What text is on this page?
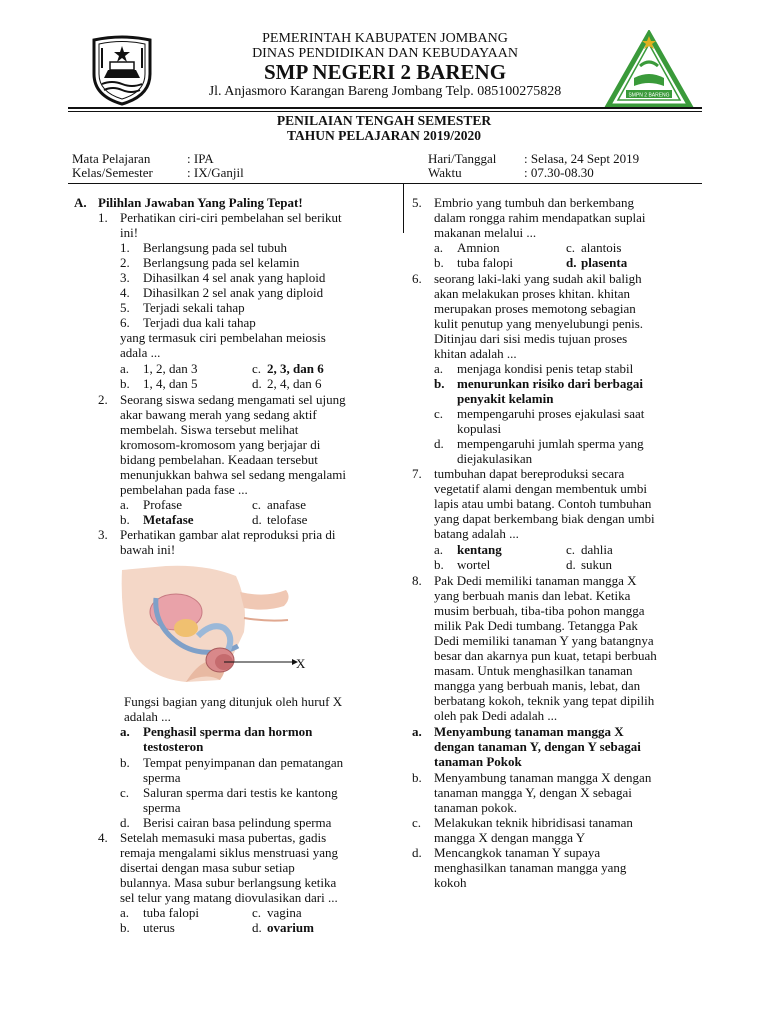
PEMERINTAH KABUPATEN JOMBANG
DINAS PENDIDIKAN DAN KEBUDAYAAN
SMP NEGERI 2 BARENG
Jl. Anjasmoro Karangan Bareng Jombang Telp. 085100275828	SMPN 2 BARENG
PENILAIAN TENGAH SEMESTER
TAHUN PELAJARAN 2019/2020
Mata Pelajaran	: IPA
Kelas/Semester	: IX/Ganjil
Hari/Tanggal : Selasa, 24 Sept 2019
Waktu	: 07.30-08.30
A. Pilihlan Jawaban Yang Paling Tepat!
1. Perhatikan ciri-ciri pembelahan sel berikut
ini!
1. Berlangsung pada sel tubuh
2. Berlangsung pada sel kelamin
3. Dihasilkan 4 sel anak yang haploid
4. Dihasilkan 2 sel anak yang diploid
5. Terjadi sekali tahap
6. Terjadi dua kali tahap
yang termasuk ciri pembelahan meiosis
adala ...
a. 1, 2, dan 3	c. 2, 3, dan 6
b. 1, 4, dan 5	d. 2, 4, dan 6
2. Seorang siswa sedang mengamati sel ujung
akar bawang merah yang sedang aktif
membelah. Siswa tersebut melihat
kromosom-kromosom yang berjajar di
bidang pembelahan. Keadaan tersebut
menunjukkan bahwa sel sedang mengalami
pembelahan pada fase ...
a. Profase	c. anafase
b. Metafase	d. telofase
3. Perhatikan gambar alat reproduksi pria di
bawah ini!
X
Fungsi bagian yang ditunjuk oleh huruf X
adalah ...
a. Penghasil sperma dan hormon
testosteron
b. Tempat penyimpanan dan pematangan
sperma
c. Saluran sperma dari testis ke kantong
sperma
d. Berisi cairan basa pelindung sperma
4. Setelah memasuki masa pubertas, gadis
remaja mengalami siklus menstruasi yang
disertai dengan masa subur setiap
bulannya. Masa subur berlangsung ketika
sel telur yang matang diovulasikan dari ...
a. tuba falopi	c. vagina
b. uterus	d. ovarium
5. Embrio yang tumbuh dan berkembang
dalam rongga rahim mendapatkan suplai
makanan melalui ...
a. Amnion	c. alantois
b. tuba falopi	d. plasenta
6. seorang laki-laki yang sudah akil baligh
akan melakukan proses khitan. khitan
merupakan proses memotong sebagian
kulit penutup yang menyelubungi penis.
Ditinjau dari sisi medis tujuan proses
khitan adalah ...
a. menjaga kondisi penis tetap stabil
b. menurunkan risiko dari berbagai
penyakit kelamin
c. mempengaruhi proses ejakulasi saat
kopulasi
d. mempengaruhi jumlah sperma yang
diejakulasikan
7. tumbuhan dapat bereproduksi secara
vegetatif alami dengan membentuk umbi
lapis atau umbi batang. Contoh tumbuhan
yang dapat berkembang biak dengan umbi
batang adalah ...
a. kentang	c. dahlia
b. wortel	d. sukun
8. Pak Dedi memiliki tanaman mangga X
yang berbuah manis dan lebat. Ketika
musim berbuah, tiba-tiba pohon mangga
milik Pak Dedi tumbang. Tetangga Pak
Dedi memiliki tanaman Y yang batangnya
besar dan akarnya pun kuat, tetapi berbuah
masam. Untuk menghasilkan tanaman
mangga yang berbuah manis, lebat, dan
berbatang kokoh, teknik yang tepat dipilih
oleh pak Dedi adalah ...
a. Menyambung tanaman mangga X
dengan tanaman Y, dengan Y sebagai
tanaman Pokok
b. Menyambung tanaman mangga X dengan
tanaman mangga Y, dengan X sebagai
tanaman pokok.
c. Melakukan teknik hibridisasi tanaman
mangga X dengan mangga Y
d. Mencangkok tanaman Y supaya
menghasilkan tanaman mangga yang
kokoh
